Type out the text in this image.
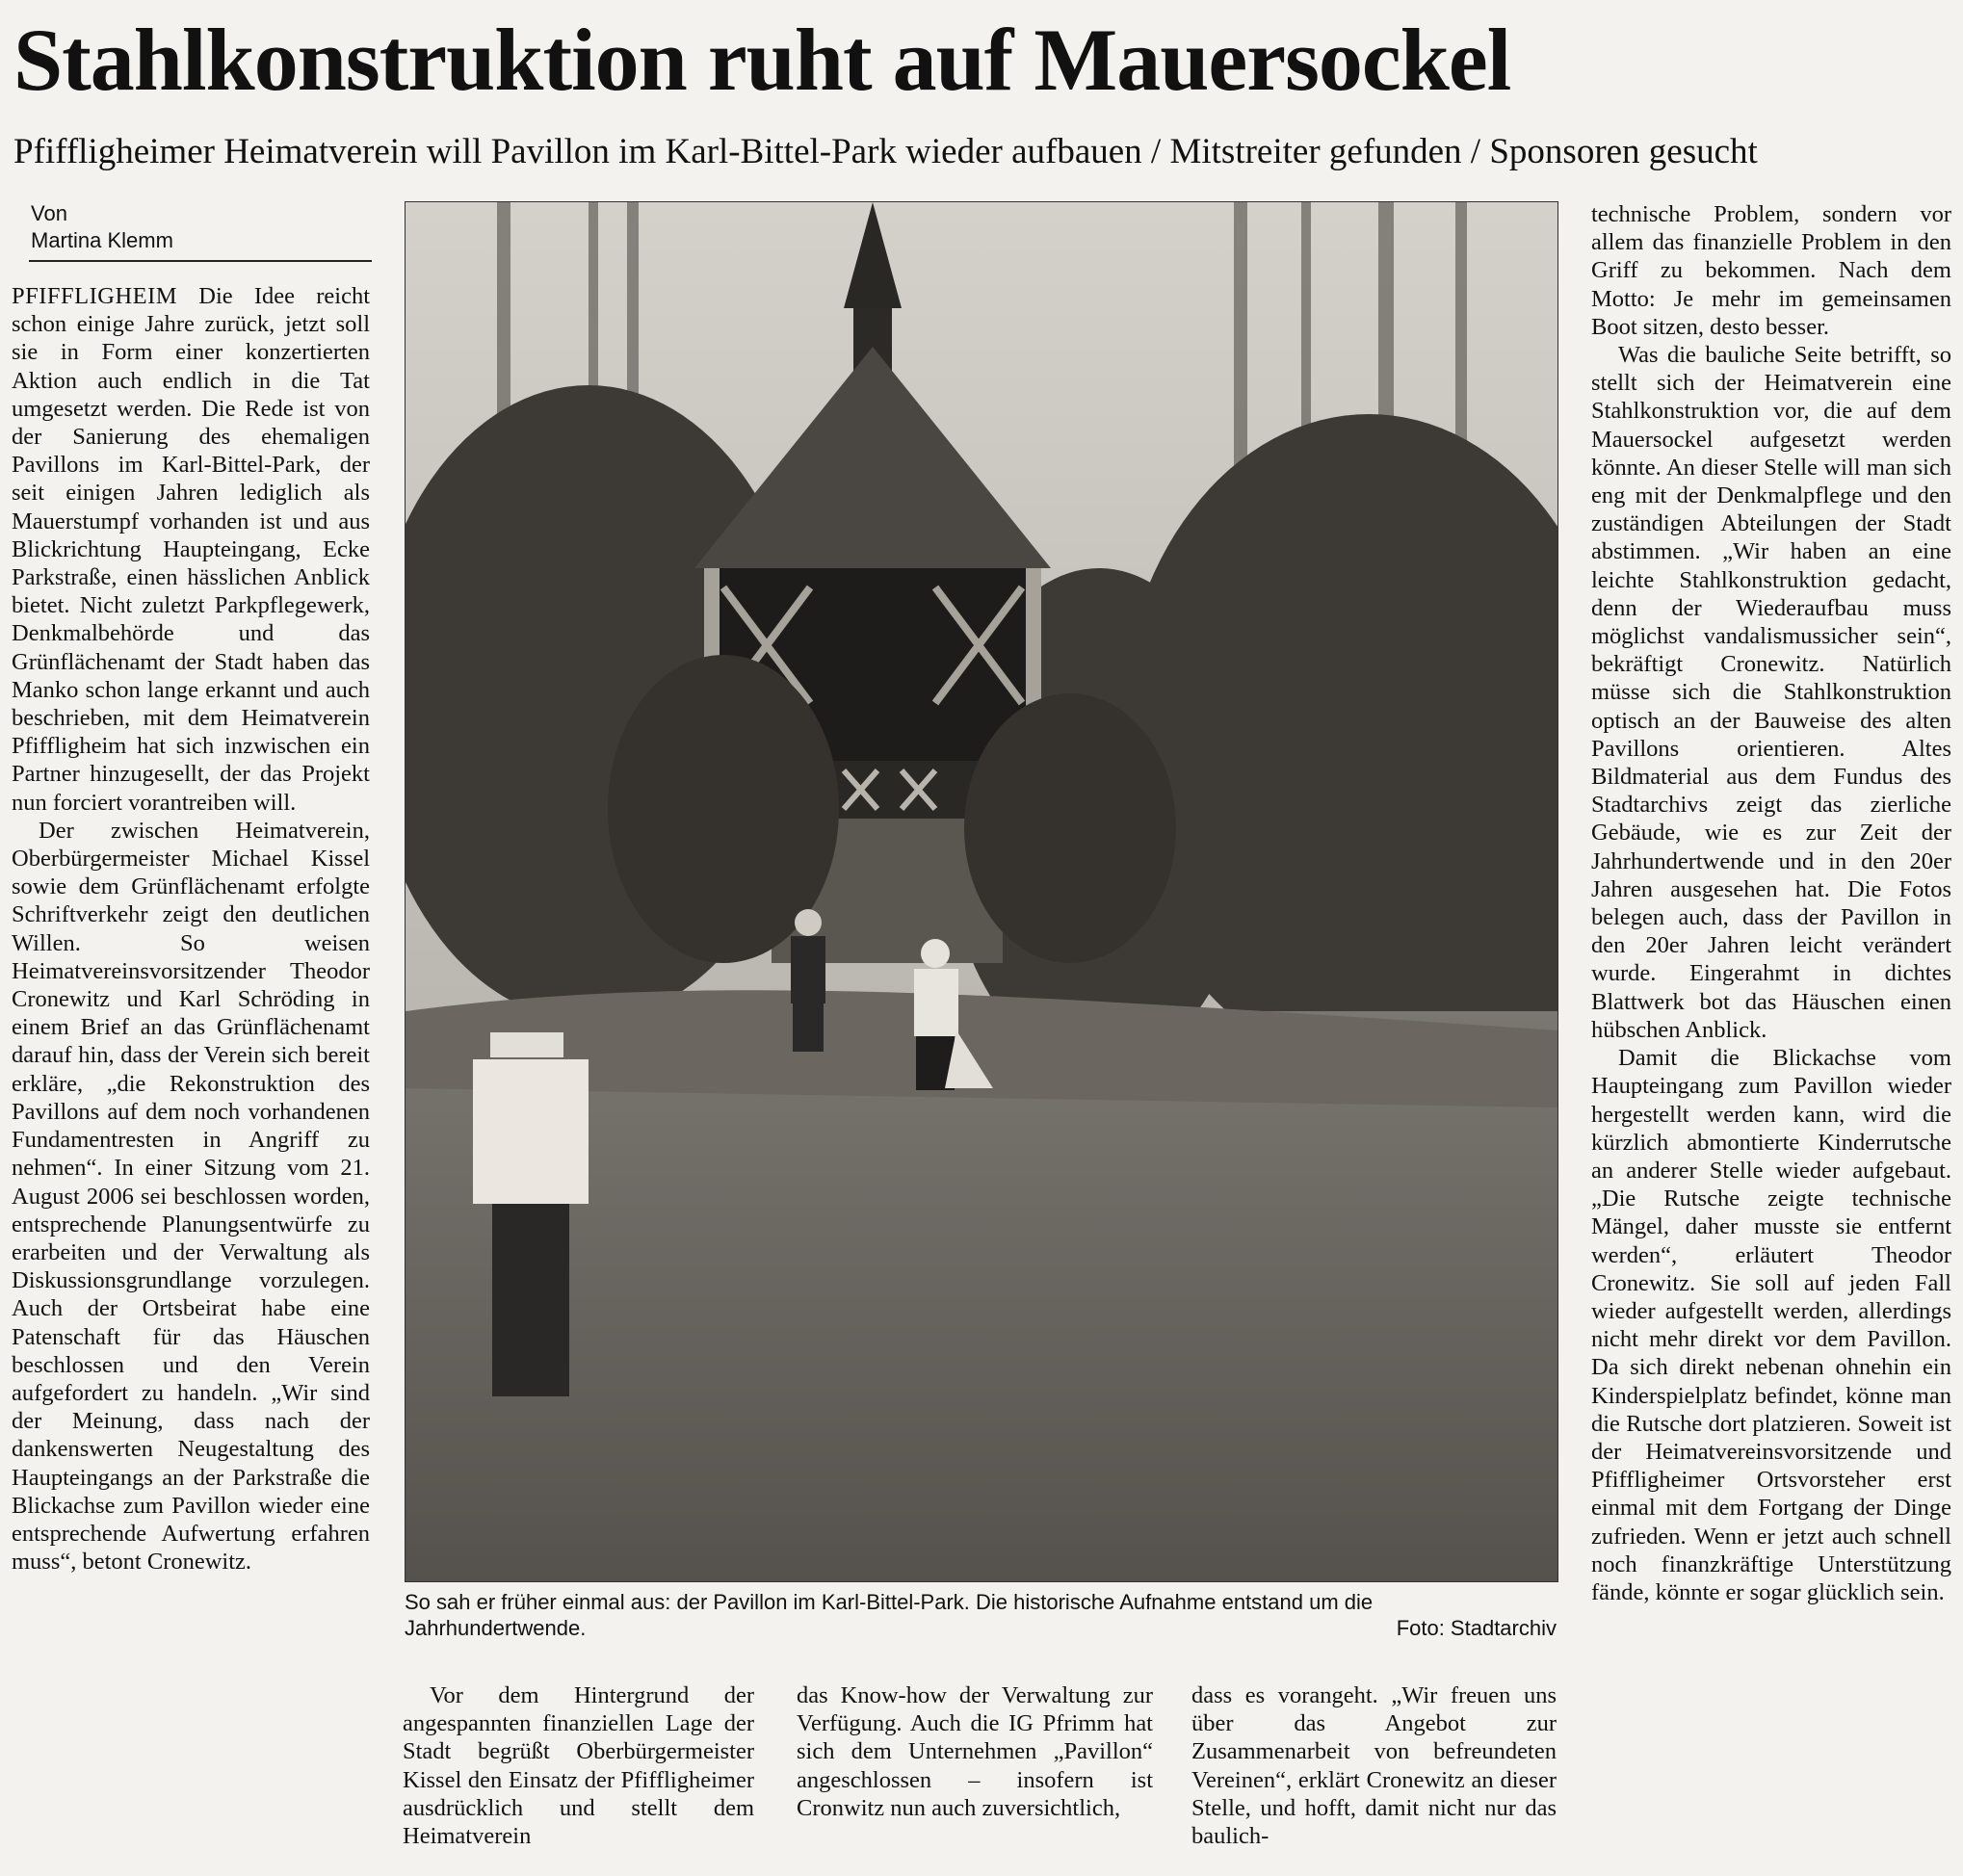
Stahlkonstruktion ruht auf Mauersockel
Pfiffligheimer Heimatverein will Pavillon im Karl-Bittel-Park wieder aufbauen / Mitstreiter gefunden / Sponsoren gesucht
Von
Martina Klemm

PFIFFLIGHEIM Die Idee reicht schon einige Jahre zurück, jetzt soll sie in Form einer konzertierten Aktion auch endlich in die Tat umgesetzt werden. Die Rede ist von der Sanierung des ehemaligen Pavillons im Karl-Bittel-Park, der seit einigen Jahren lediglich als Mauerstumpf vorhanden ist und aus Blickrichtung Haupteingang, Ecke Parkstraße, einen hässlichen Anblick bietet. Nicht zuletzt Parkpflegewerk, Denkmalbehörde und das Grünflächenamt der Stadt haben das Manko schon lange erkannt und auch beschrieben, mit dem Heimatverein Pfiffligheim hat sich inzwischen ein Partner hinzugesellt, der das Projekt nun forciert vorantreiben will.

Der zwischen Heimatverein, Oberbürgermeister Michael Kissel sowie dem Grünflächenamt erfolgte Schriftverkehr zeigt den deutlichen Willen. So weisen Heimatvereinsvorsitzender Theodor Cronewitz und Karl Schröding in einem Brief an das Grünflächenamt darauf hin, dass der Verein sich bereit erkläre, „die Rekonstruktion des Pavillons auf dem noch vorhandenen Fundamentresten in Angriff zu nehmen“. In einer Sitzung vom 21. August 2006 sei beschlossen worden, entsprechende Planungsentwürfe zu erarbeiten und der Verwaltung als Diskussionsgrundlange vorzulegen. Auch der Ortsbeirat habe eine Patenschaft für das Häuschen beschlossen und den Verein aufgefordert zu handeln. „Wir sind der Meinung, dass nach der dankenswerten Neugestaltung des Haupteingangs an der Parkstraße die Blickachse zum Pavillon wieder eine entsprechende Aufwertung erfahren muss“, betont Cronewitz.

So sah er früher einmal aus: der Pavillon im Karl-Bittel-Park. Die historische Aufnahme entstand um die Jahrhundertwende.	Foto: Stadtarchiv

Vor dem Hintergrund der angespannten finanziellen Lage der Stadt begrüßt Oberbürgermeister Kissel den Einsatz der Pfiffligheimer ausdrücklich und stellt dem Heimatverein

das Know-how der Verwaltung zur Verfügung. Auch die IG Pfrimm hat sich dem Unternehmen „Pavillon“ angeschlossen – insofern ist Cronwitz nun auch zuversichtlich,

dass es vorangeht. „Wir freuen uns über das Angebot zur Zusammenarbeit von befreundeten Vereinen“, erklärt Cronewitz an dieser Stelle, und hofft, damit nicht nur das baulich-

technische Problem, sondern vor allem das finanzielle Problem in den Griff zu bekommen. Nach dem Motto: Je mehr im gemeinsamen Boot sitzen, desto besser.

Was die bauliche Seite betrifft, so stellt sich der Heimatverein eine Stahlkonstruktion vor, die auf dem Mauersockel aufgesetzt werden könnte. An dieser Stelle will man sich eng mit der Denkmalpflege und den zuständigen Abteilungen der Stadt abstimmen. „Wir haben an eine leichte Stahlkonstruktion gedacht, denn der Wiederaufbau muss möglichst vandalismussicher sein“, bekräftigt Cronewitz. Natürlich müsse sich die Stahlkonstruktion optisch an der Bauweise des alten Pavillons orientieren. Altes Bildmaterial aus dem Fundus des Stadtarchivs zeigt das zierliche Gebäude, wie es zur Zeit der Jahrhundertwende und in den 20er Jahren ausgesehen hat. Die Fotos belegen auch, dass der Pavillon in den 20er Jahren leicht verändert wurde. Eingerahmt in dichtes Blattwerk bot das Häuschen einen hübschen Anblick.

Damit die Blickachse vom Haupteingang zum Pavillon wieder hergestellt werden kann, wird die kürzlich abmontierte Kinderrutsche an anderer Stelle wieder aufgebaut. „Die Rutsche zeigte technische Mängel, daher musste sie entfernt werden“, erläutert Theodor Cronewitz. Sie soll auf jeden Fall wieder aufgestellt werden, allerdings nicht mehr direkt vor dem Pavillon. Da sich direkt nebenan ohnehin ein Kinderspielplatz befindet, könne man die Rutsche dort platzieren. Soweit ist der Heimatvereinsvorsitzende und Pfiffligheimer Ortsvorsteher erst einmal mit dem Fortgang der Dinge zufrieden. Wenn er jetzt auch schnell noch finanzkräftige Unterstützung fände, könnte er sogar glücklich sein.
